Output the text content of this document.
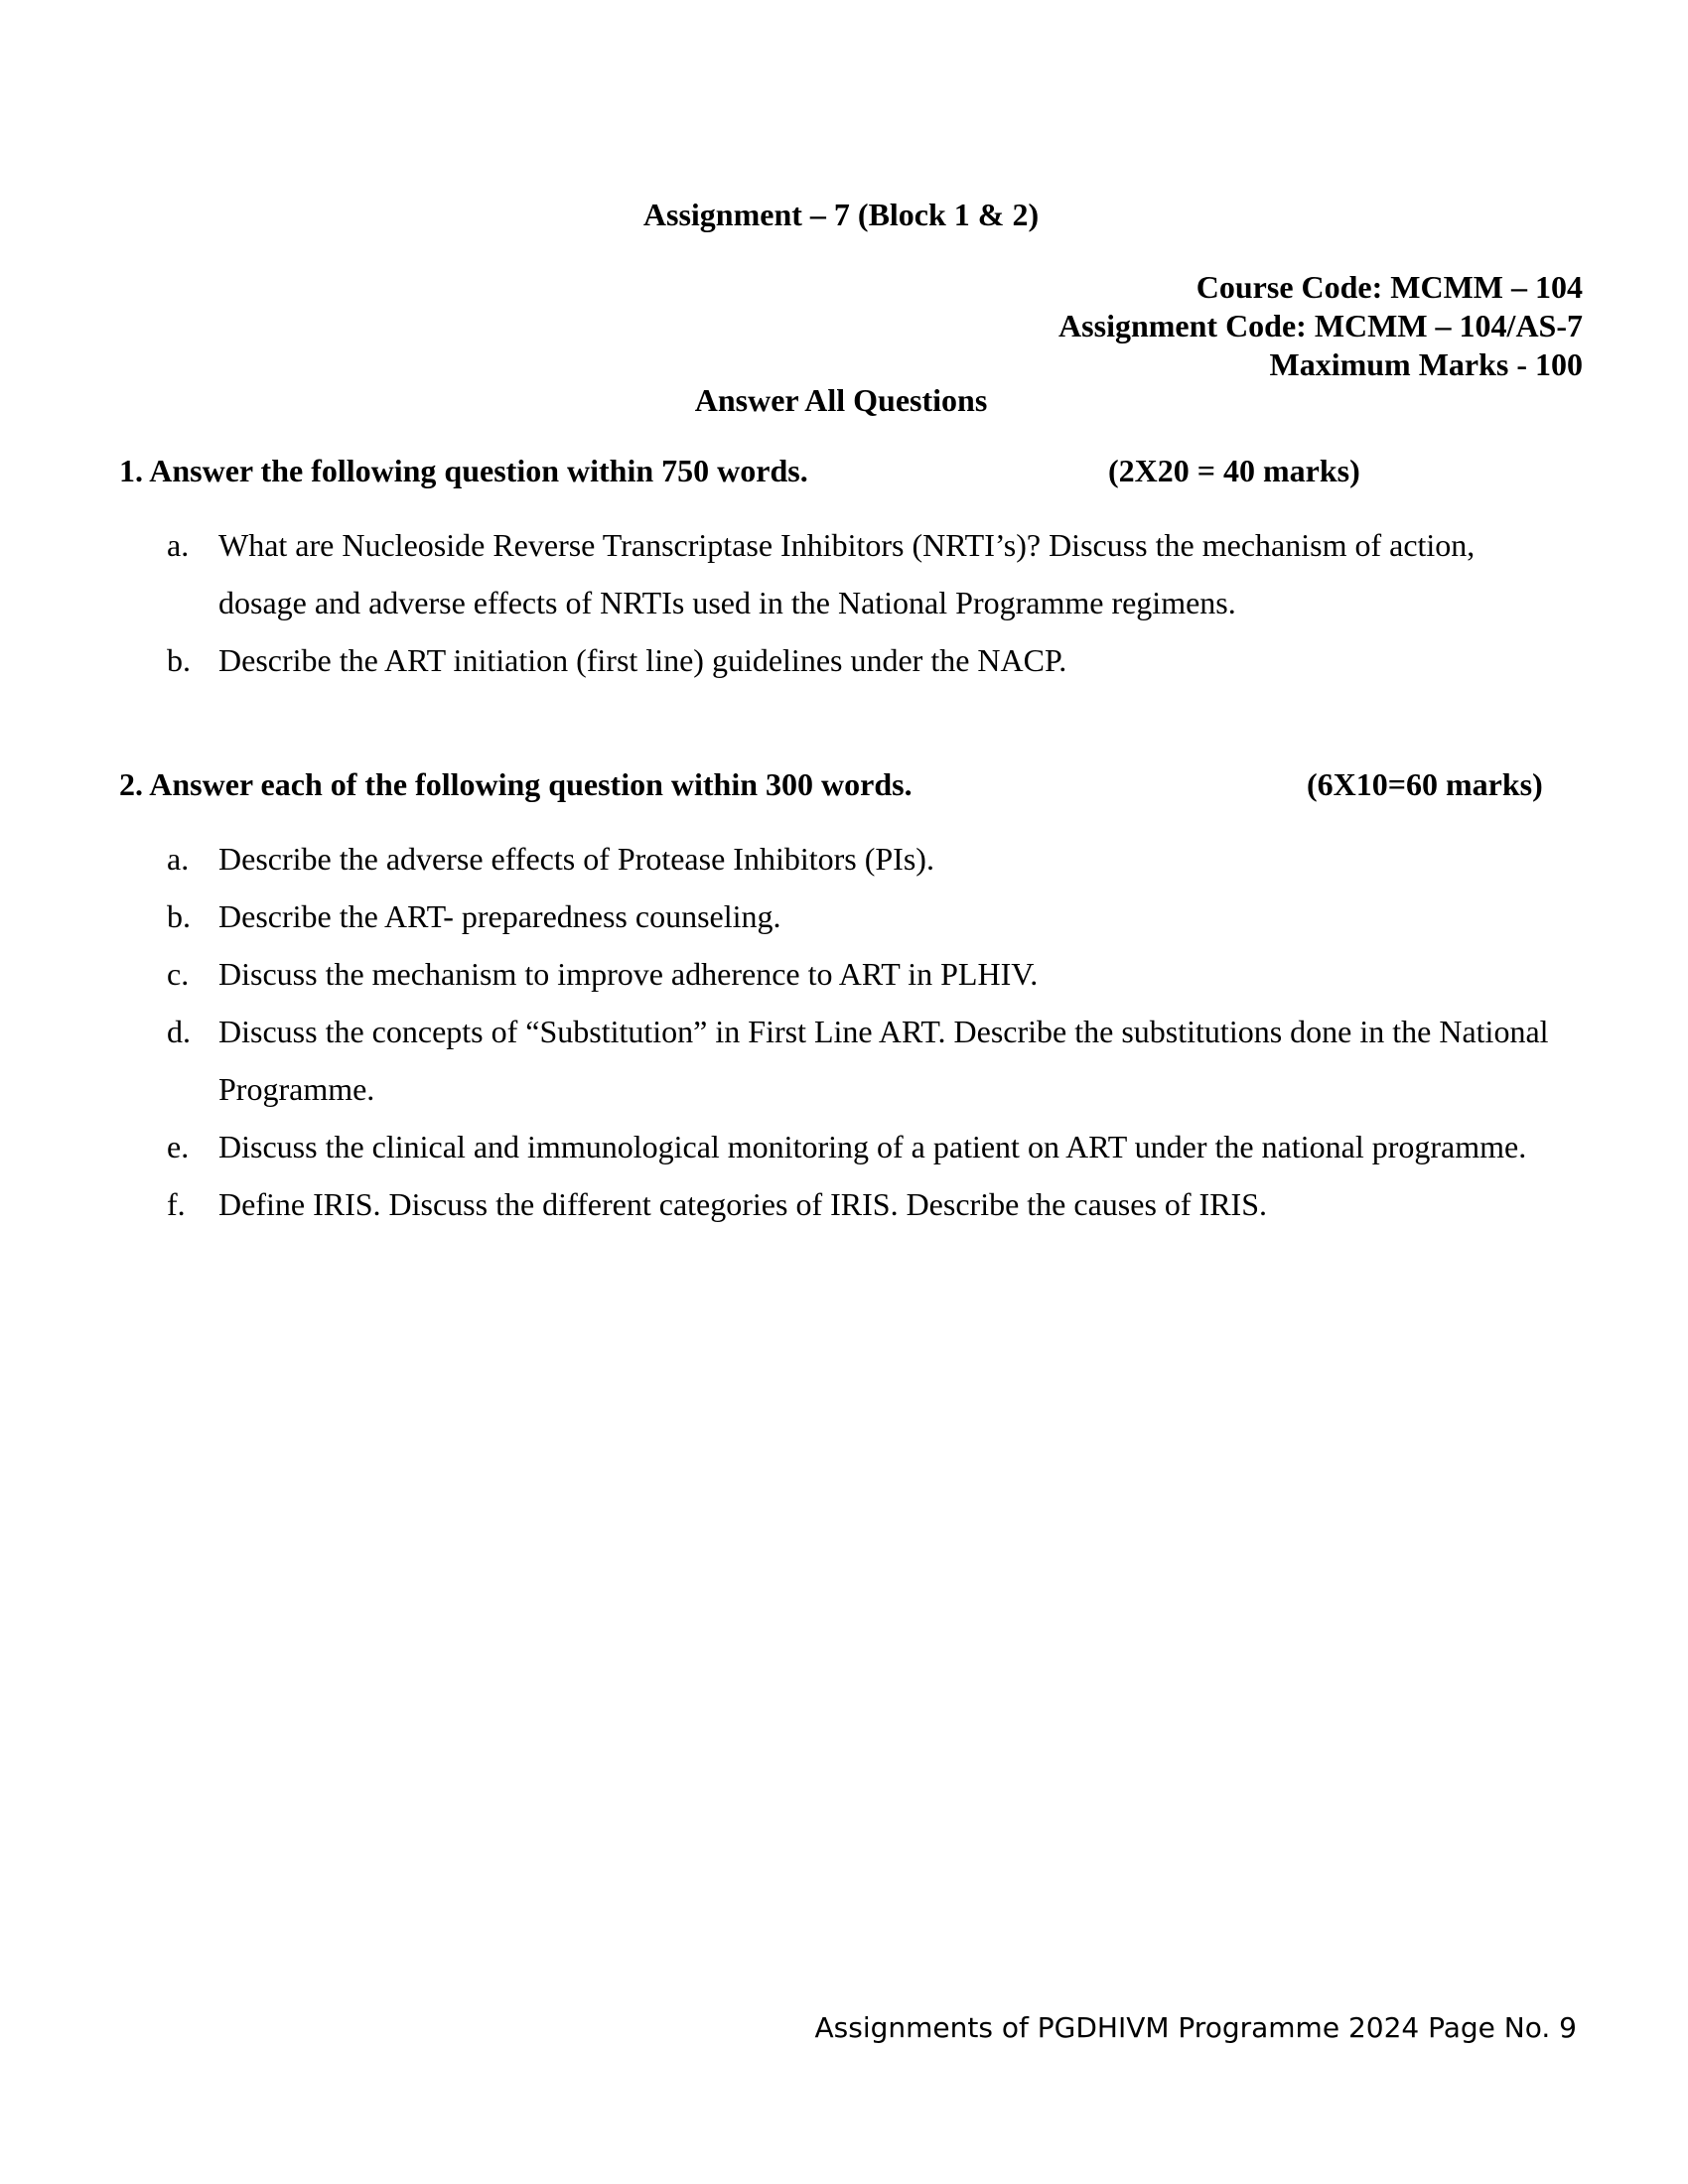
Assignment – 7 (Block 1 & 2)
Course Code: MCMM – 104
Assignment Code: MCMM – 104/AS-7
Maximum Marks - 100
Answer All Questions
1. Answer the following question within 750 words.	(2X20 = 40 marks)
a. What are Nucleoside Reverse Transcriptase Inhibitors (NRTI’s)? Discuss the mechanism of action, dosage and adverse effects of NRTIs used in the National Programme regimens.
b. Describe the ART initiation (first line) guidelines under the NACP.
2. Answer each of the following question within 300 words.	(6X10=60 marks)
a. Describe the adverse effects of Protease Inhibitors (PIs).
b. Describe the ART- preparedness counseling.
c. Discuss the mechanism to improve adherence to ART in PLHIV.
d. Discuss the concepts of “Substitution” in First Line ART. Describe the substitutions done in the National Programme.
e. Discuss the clinical and immunological monitoring of a patient on ART under the national programme.
f. Define IRIS. Discuss the different categories of IRIS. Describe the causes of IRIS.
Assignments of PGDHIVM Programme 2024 Page No. 9
